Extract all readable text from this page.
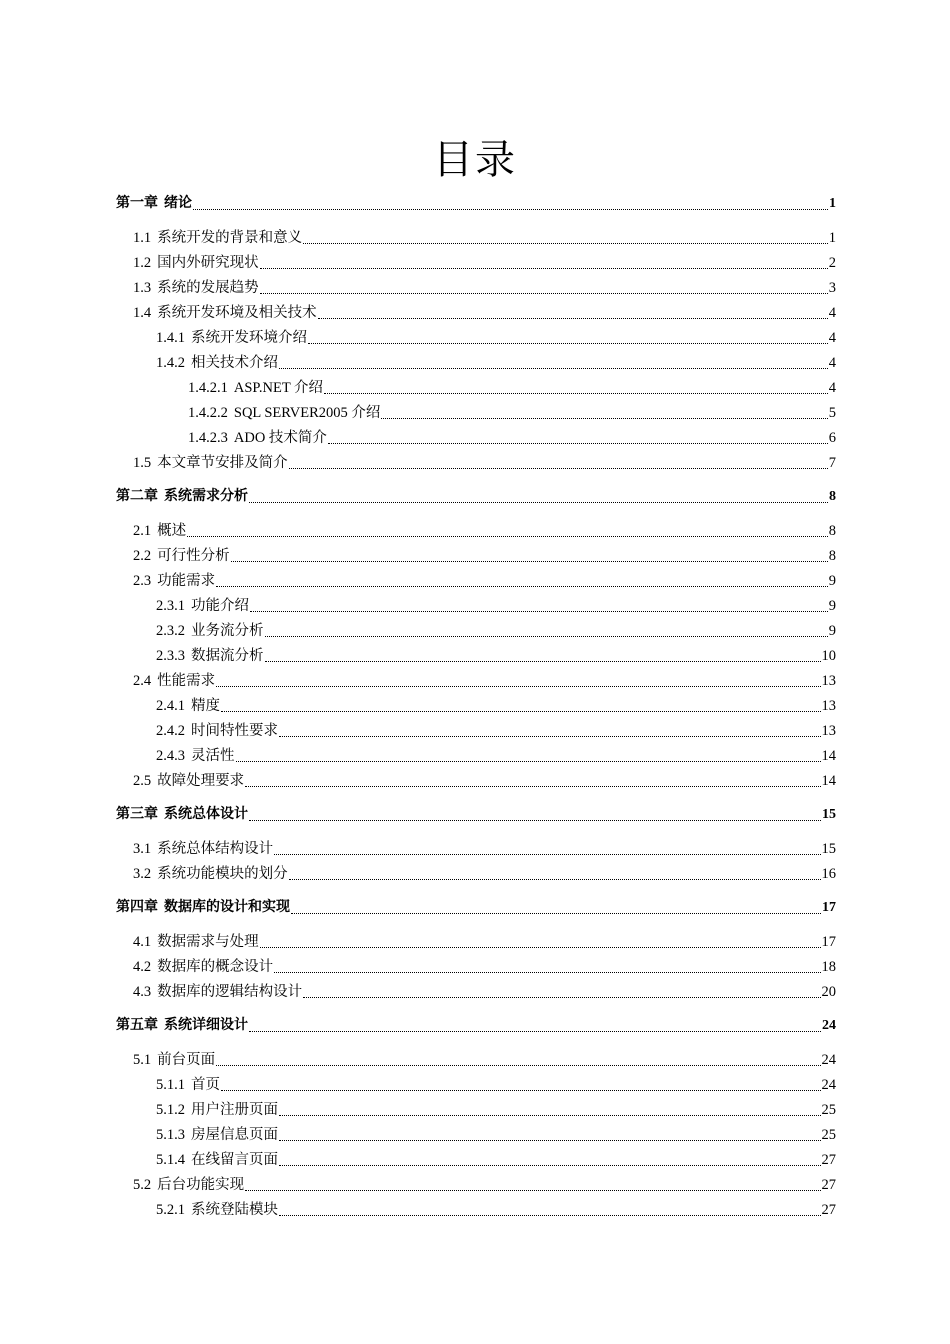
目录
第一章 绪论	1
1.1 系统开发的背景和意义	1
1.2 国内外研究现状	2
1.3 系统的发展趋势	3
1.4 系统开发环境及相关技术	4
1.4.1 系统开发环境介绍	4
1.4.2 相关技术介绍	4
1.4.2.1 ASP.NET 介绍	4
1.4.2.2 SQL SERVER2005 介绍	5
1.4.2.3 ADO 技术简介	6
1.5 本文章节安排及简介	7
第二章 系统需求分析	8
2.1 概述	8
2.2 可行性分析	8
2.3 功能需求	9
2.3.1 功能介绍	9
2.3.2 业务流分析	9
2.3.3 数据流分析	10
2.4 性能需求	13
2.4.1 精度	13
2.4.2 时间特性要求	13
2.4.3 灵活性	14
2.5 故障处理要求	14
第三章 系统总体设计	15
3.1 系统总体结构设计	15
3.2 系统功能模块的划分	16
第四章 数据库的设计和实现	17
4.1 数据需求与处理	17
4.2 数据库的概念设计	18
4.3 数据库的逻辑结构设计	20
第五章 系统详细设计	24
5.1 前台页面	24
5.1.1 首页	24
5.1.2 用户注册页面	25
5.1.3 房屋信息页面	25
5.1.4 在线留言页面	27
5.2 后台功能实现	27
5.2.1 系统登陆模块	27
